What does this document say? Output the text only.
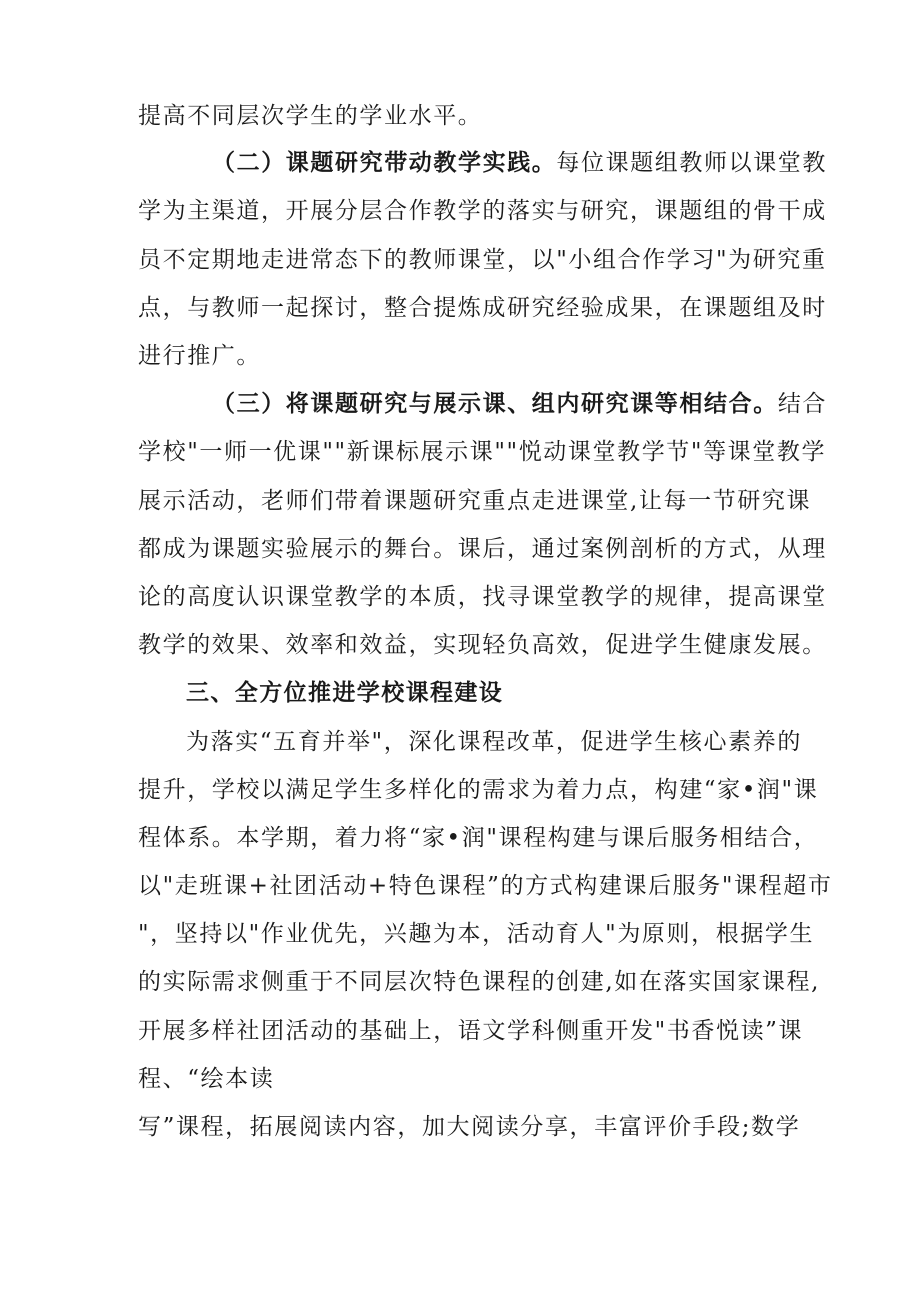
提高不同层次学生的学业水平。
（二）课题研究带动教学实践。每位课题组教师以课堂教
学为主渠道，开展分层合作教学的落实与研究，课题组的骨干成
员不定期地走进常态下的教师课堂，以"小组合作学习"为研究重
点，与教师一起探讨，整合提炼成研究经验成果，在课题组及时
进行推广。
（三）将课题研究与展示课、组内研究课等相结合。结合
学校"一师一优课""新课标展示课""悦动课堂教学节"等课堂教学
展示活动，老师们带着课题研究重点走进课堂,让每一节研究课
都成为课题实验展示的舞台。课后，通过案例剖析的方式，从理
论的高度认识课堂教学的本质，找寻课堂教学的规律，提高课堂
教学的效果、效率和效益，实现轻负高效，促进学生健康发展。
三、全方位推进学校课程建设
为落实“五育并举"，深化课程改革，促进学生核心素养的
提升，学校以满足学生多样化的需求为着力点，构建“家•润"课
程体系。本学期，着力将“家•润"课程构建与课后服务相结合，
以"走班课+社团活动+特色课程”的方式构建课后服务"课程超市
"，坚持以"作业优先，兴趣为本，活动育人"为原则，根据学生
的实际需求侧重于不同层次特色课程的创建,如在落实国家课程,
开展多样社团活动的基础上，语文学科侧重开发"书香悦读”课
程、“绘本读
写”课程，拓展阅读内容，加大阅读分享，丰富评价手段;数学
